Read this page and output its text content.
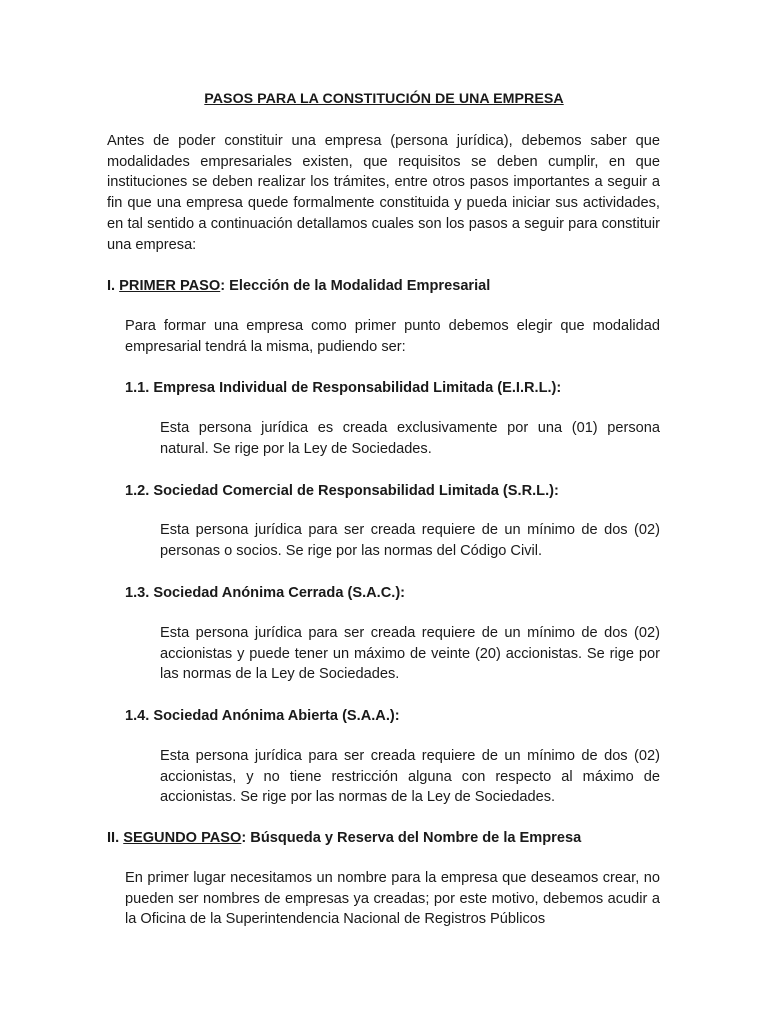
PASOS PARA LA CONSTITUCIÓN DE UNA EMPRESA
Antes de poder constituir una empresa (persona jurídica), debemos saber que modalidades empresariales existen, que requisitos se deben cumplir, en que instituciones se deben realizar los trámites, entre otros pasos importantes a seguir a fin que una empresa quede formalmente constituida y pueda iniciar sus actividades, en tal sentido a continuación detallamos cuales son los pasos a seguir para constituir una empresa:
I. PRIMER PASO: Elección de la Modalidad Empresarial
Para formar una empresa como primer punto debemos elegir que modalidad empresarial tendrá la misma, pudiendo ser:
1.1. Empresa Individual de Responsabilidad Limitada (E.I.R.L.):
Esta persona jurídica es creada exclusivamente por una (01) persona natural. Se rige por la Ley de Sociedades.
1.2. Sociedad Comercial de Responsabilidad Limitada (S.R.L.):
Esta persona jurídica para ser creada requiere de un mínimo de dos (02) personas o socios. Se rige por las normas del Código Civil.
1.3. Sociedad Anónima Cerrada (S.A.C.):
Esta persona jurídica para ser creada requiere de un mínimo de dos (02) accionistas y puede tener un máximo de veinte (20) accionistas. Se rige por las normas de la Ley de Sociedades.
1.4. Sociedad Anónima Abierta (S.A.A.):
Esta persona jurídica para ser creada requiere de un mínimo de dos (02) accionistas, y no tiene restricción alguna con respecto al máximo de accionistas. Se rige por las normas de la Ley de Sociedades.
II. SEGUNDO PASO: Búsqueda y Reserva del Nombre de la Empresa
En primer lugar necesitamos un nombre para la empresa que deseamos crear, no pueden ser nombres de empresas ya creadas; por este motivo, debemos acudir a la Oficina de la Superintendencia Nacional de Registros Públicos
